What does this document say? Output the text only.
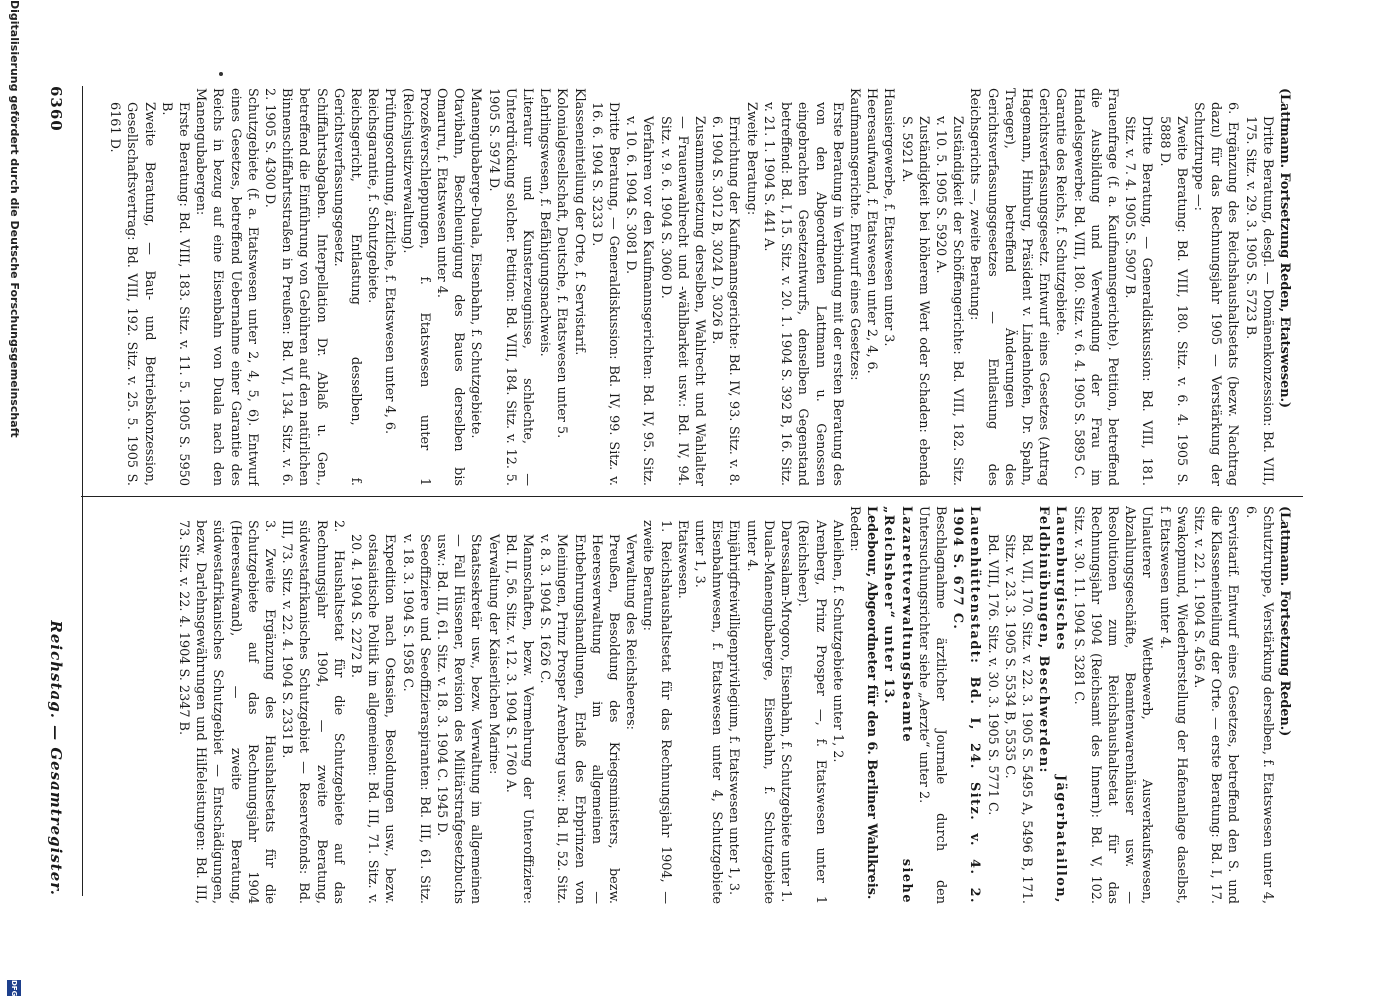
6360
Reichstag. — Gesamtregister.

(Lattmann. Fortsetzung Reden, Etatswesen.)

Dritte Beratung, desgl. — Domänenkonzession: Bd. VIII, 175. Sitz. v. 29. 3. 1905 S. 5723 B.

6. Ergänzung des Reichshaushaltsetats (bezw. Nachtrag dazu) für das Rechnungsjahr 1905 — Verstärkung der Schutztruppe —:

Zweite Beratung: Bd. VIII, 180. Sitz. v. 6. 4. 1905 S. 5888 D.

Dritte Beratung, — Generaldiskussion: Bd. VIII, 181. Sitz. v. 7. 4. 1905 S. 5907 B.

Frauenfrage (f. a. Kaufmannsgerichte). Petition, betreffend die Ausbildung und Verwendung der Frau im Handelsgewerbe: Bd. VIII, 180. Sitz. v. 6. 4. 1905 S. 5895 C.

Garantie des Reichs, f. Schutzgebiete.

Gerichtsverfassungsgesetz. Entwurf eines Gesetzes (Antrag Hagemann, Himburg, Präsident v. Lindenhofen, Dr. Spahn, Traeger), betreffend Änderungen des Gerichtsverfassungsgesetzes — Entlastung des Reichsgerichts —, zweite Beratung:

Zuständigkeit der Schöffengerichte: Bd. VIII, 182. Sitz. v. 10. 5. 1905 S. 5920 A.

Zuständigkeit bei höherem Wert oder Schaden: ebenda S. 5921 A.

Hausiergewerbe, f. Etatswesen unter 3.

Heeresaufwand, f. Etatswesen unter 2, 4, 6.

Kaufmannsgerichte. Entwurf eines Gesetzes:

Erste Beratung in Verbindung mit der ersten Beratung des von den Abgeordneten Lattmann u. Genossen eingebrachten Gesetzentwurfs, denselben Gegenstand betreffend: Bd. I, 15. Sitz. v. 20. 1. 1904 S. 392 B, 16. Sitz. v. 21. 1. 1904 S. 441 A.

Zweite Beratung:

Errichtung der Kaufmannsgerichte: Bd. IV, 93. Sitz. v. 8. 6. 1904 S. 3012 B, 3024 D, 3026 B.

Zusammensetzung derselben, Wahlrecht und Wahlalter — Frauenwahlrecht und -wählbarkeit usw.: Bd. IV, 94. Sitz. v. 9. 6. 1904 S. 3060 D.

Verfahren vor den Kaufmannsgerichten: Bd. IV, 95. Sitz. v. 10. 6. 1904 S. 3081 D.

Dritte Beratung, — Generaldiskussion: Bd. IV, 99. Sitz. v. 16. 6. 1904 S. 3233 D.

Klasseneinteilung der Orte, f. Servistarif.

Kolonialgesellschaft, Deutsche, f. Etatswesen unter 5.

Lehrlingswesen, f. Befähigungsnachweis.

Literatur und Kunsterzeugnisse, schlechte, — Unterdrückung solcher. Petition: Bd. VIII, 184. Sitz. v. 12. 5. 1905 S. 5974 D.

Manengubaberge-Duala, Eisenbahn, f. Schutzgebiete.

Otavibahn, Beschleunigung des Baues derselben bis Omaruru, f. Etatswesen unter 4.

Prozeßverschleppungen, f. Etatswesen unter 1 (Reichsjustizverwaltung).

Prüfungsordnung, ärztliche, f. Etatswesen unter 4, 6.

Reichsgarantie, f. Schutzgebiete.

Reichsgericht, Entlastung desselben, f. Gerichtsverfassungsgesetz.

Schiffahrtsabgaben. Interpellation Dr. Ablaß u. Gen., betreffend die Einführung von Gebühren auf den natürlichen Binnenschiffahrtsstraßen in Preußen: Bd. VI, 134. Sitz. v. 6. 2. 1905 S. 4300 D.

Schutzgebiete (f. a. Etatswesen unter 2, 4, 5, 6). Entwurf eines Gesetzes, betreffend Uebernahme einer Garantie des Reichs in bezug auf eine Eisenbahn von Duala nach den Manengubabergen:

Erste Beratung: Bd. VIII, 183. Sitz. v. 11. 5. 1905 S. 5950 B.

Zweite Beratung, — Bau- und Betriebskonzession, Gesellschaftsvertrag: Bd. VIII, 192. Sitz. v. 25. 5. 1905 S. 6161 D.

(Lattmann. Fortsetzung Reden.)

Schutztruppe, Verstärkung derselben, f. Etatswesen unter 4, 6.

Servistarif. Entwurf eines Gesetzes, betreffend den S. und die Klasseneinteilung der Orte. — erste Beratung: Bd. I, 17. Sitz. v. 22. 1. 1904 S. 456 A.

Swakopmund, Wiederherstellung der Hafenanlage daselbst, f. Etatswesen unter 4.

Unlauterer Wettbewerb, Ausverkaufswesen, Abzahlungsgeschäfte, Beamtenwarenhäuser usw. — Resolutionen zum Reichshaushaltsetat für das Rechnungsjahr 1904 (Reichsamt des Innern): Bd. V, 102. Sitz. v. 30. 11. 1904 S. 3281 C.

Lauenburgisches Jägerbataillon, Feldbinübungen, Beschwerden:

Bd. VII, 170. Sitz. v. 22. 3. 1905 S. 5495 A, 5496 B, 171. Sitz. v. 23. 3. 1905 S. 5534 B, 5535 C.

Bd. VIII, 176. Sitz. v. 30. 3. 1905 S. 5771 C.

Lauenhüttenstadt: Bd. I, 24. Sitz. v. 4. 2. 1904 S. 677 C.

Beschlagnahme ärztlicher Journale durch den Untersuchungsrichter siehe „Aerzte“ unter 2.

Lazarettverwaltungsbeamte siehe „Reichsheer“ unter 13.

Ledebour, Abgeordneter für den 6. Berliner Wahlkreis.

Reden:

Anleihen, f. Schutzgebiete unter 1, 2.

Arenberg, Prinz Prosper —, f. Etatswesen unter 1 (Reichsheer).

Daressalam-Mrogoro, Eisenbahn, f. Schutzgebiete unter 1.

Duala-Manengubaberge, Eisenbahn, f. Schutzgebiete unter 4.

Einjährigfreiwilligenprivilegium, f. Etatswesen unter 1, 3.

Eisenbahnwesen, f. Etatswesen unter 4, Schutzgebiete unter 1, 3.

Etatswesen.

1. Reichshaushaltsetat für das Rechnungsjahr 1904, — zweite Beratung:

Verwaltung des Reichsheeres:

Preußen, Besoldung des Kriegsministers, bezw. Heeresverwaltung im allgemeinen — Entbehrungshandlungen, Erlaß des Erbprinzen von Meiningen, Prinz Prosper Arenberg usw.: Bd. II, 52. Sitz. v. 8. 3. 1904 S. 1626 C.

Mannschaften, bezw. Vermehrung der Unteroffiziere: Bd. II, 56. Sitz. v. 12. 3. 1904 S. 1760 A.

Verwaltung der Kaiserlichen Marine:

Staatssekretär usw., bezw. Verwaltung im allgemeinen — Fall Hüssener, Revision des Militärstrafgesetzbuchs usw.: Bd. III, 61. Sitz. v. 18. 3. 1904 C. 1945 D.

Seeoffiziere und Seeoffizieraspiranten: Bd. III, 61. Sitz. v. 18. 3. 1904 S. 1958 C.

Expedition nach Ostasien, Besoldungen usw., bezw. ostasiatische Politik im allgemeinen: Bd. III, 71. Sitz. v. 20. 4. 1904 S. 2272 B.

2. Haushaltsetat für die Schutzgebiete auf das Rechnungsjahr 1904, — zweite Beratung, südwestafrikanisches Schutzgebiet — Reservefonds: Bd. III, 73. Sitz. v. 22. 4. 1904 S. 2331 B.

3. Zweite Ergänzung des Haushaltsetats für die Schutzgebiete auf das Rechnungsjahr 1904 (Heeresaufwand), — zweite Beratung, südwestafrikanisches Schutzgebiet — Entschädigungen, bezw. Darlehnsgewährungen und Hilfeleistungen: Bd. III, 73. Sitz. v. 22. 4. 1904 S. 2347 B.

Digitalisierung gefördert durch die Deutsche Forschungsgemeinschaft
DFG
